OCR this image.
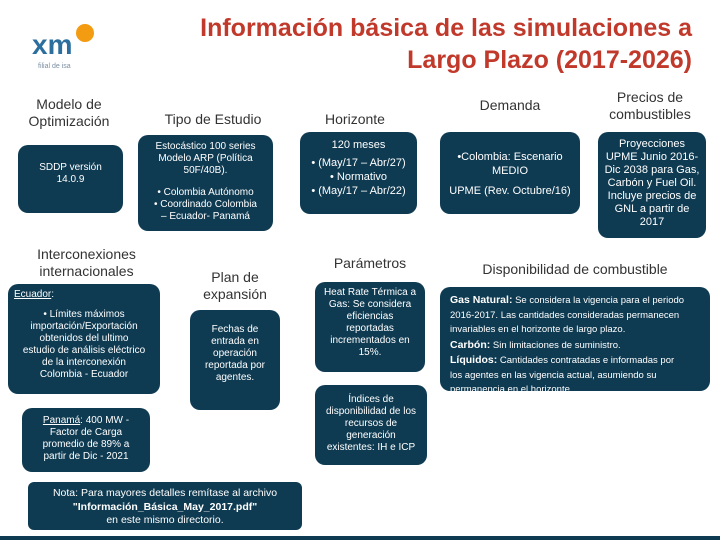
xm
filial de isa
Información básica de las simulaciones a
Largo Plazo (2017-2026)
Modelo de
Optimización	Tipo de Estudio	Horizonte
Demanda	Precios de
combustibles
SDDP versión
14.0.9
Estocástico 100 series
Modelo ARP (Política
50F/40B).
• Colombia Autónomo
• Coordinado Colombia
– Ecuador- Panamá
120 meses
• (May/17 – Abr/27)
• Normativo
• (May/17 – Abr/22)
•Colombia: Escenario
MEDIO
UPME (Rev. Octubre/16)
Proyecciones
UPME Junio 2016-
Dic 2038 para Gas,
Carbón y Fuel Oil.
Incluye precios de
GNL a partir de
2017
Interconexiones
internacionales	Plan de
expansión
Parámetros	Disponibilidad de combustible
Ecuador:
• Límites máximos
importación/Exportación
obtenidos del ultimo
estudio de análisis eléctrico
de la interconexión
Colombia - Ecuador
Fechas de
entrada en
operación
reportada por
agentes.
Heat Rate Térmica a
Gas: Se considera
eficiencias
reportadas
incrementados en
15%.
Índices de
disponibilidad de los
recursos de
generación
existentes: IH e ICP
Panamá: 400 MW -
Factor de Carga
promedio de 89% a
partir de Dic - 2021
Gas Natural: Se considera la vigencia para el periodo
2016-2017. Las cantidades consideradas permanecen
invariables en el horizonte de largo plazo.
Carbón: Sin limitaciones de suministro.
Líquidos: Cantidades contratadas e informadas por
los agentes en las vigencia actual, asumiendo su
permanencia en el horizonte
Nota: Para mayores detalles remítase al archivo
"Información_Básica_May_2017.pdf"
en este mismo directorio.
